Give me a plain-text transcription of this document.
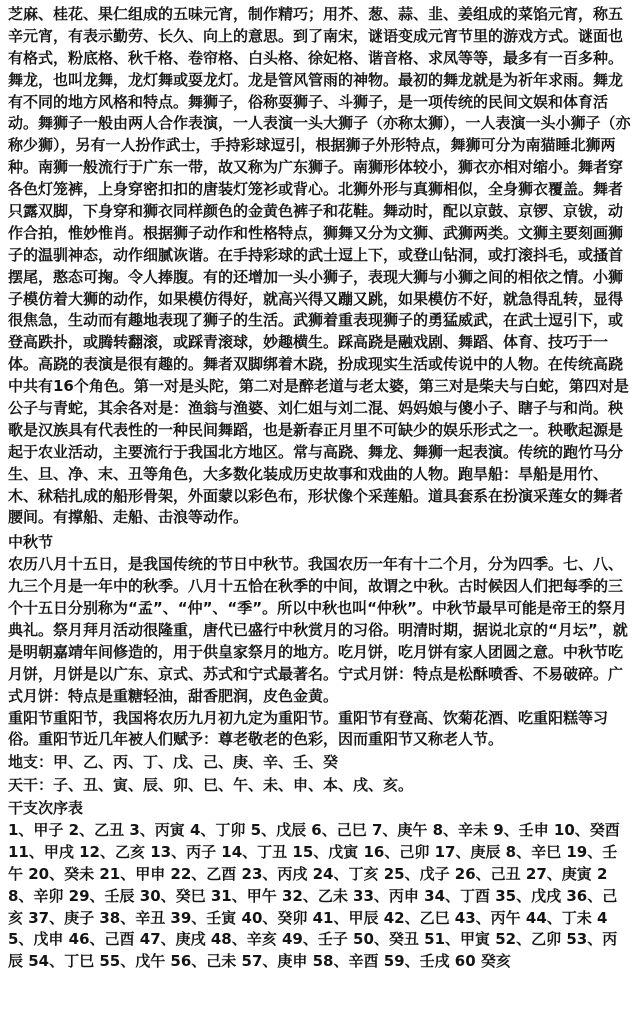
芝麻、桂花、果仁组成的五味元宵，制作精巧；用芥、葱、蒜、韭、姜组成的菜馅元宵，称五辛元宵，有表示勤劳、长久、向上的意思。到了南宋，谜语变成元宵节里的游戏方式。谜面也有格式，粉底格、秋千格、卷帘格、白头格、徐妃格、谐音格、求凤等等，最多有一百多种。舞龙，也叫龙舞，龙灯舞或耍龙灯。龙是管风管雨的神物。最初的舞龙就是为祈年求雨。舞龙有不同的地方风格和特点。舞狮子，俗称耍狮子、斗狮子，是一项传统的民间文娱和体育活动。舞狮子一般由两人合作表演，一人表演一头大狮子（亦称太狮），一人表演一头小狮子（亦称少狮），另有一人扮作武士，手持彩球逗引，根据狮子外形特点，舞狮可分为南猫睡北狮两种。南狮一般流行于广东一带，故又称为广东狮子。南狮形体较小，狮衣亦相对缩小。舞者穿各色灯笼裤，上身穿密扣扣的唐装灯笼衫或背心。北狮外形与真狮相似，全身狮衣覆盖。舞者只露双脚，下身穿和狮衣同样颜色的金黄色裤子和花鞋。舞动时，配以京鼓、京锣、京钹，动作合拍，惟妙惟肖。根据狮子动作和性格特点，狮舞又分为文狮、武狮两类。文狮主要刻画狮子的温驯神态，动作细腻诙谐。在手持彩球的武士逗上下，或登山钻洞，或打滚抖毛，或搔首摆尾，憨态可掬。令人捧腹。有的还增加一头小狮子，表现大狮与小狮之间的相依之情。小狮子模仿着大狮的动作，如果模仿得好，就高兴得又蹦又跳，如果模仿不好，就急得乱转，显得很焦急，生动而有趣地表现了狮子的生活。武狮着重表现狮子的勇猛威武，在武士逗引下，或登高跌扑，或腾转翻滚，或踩青滚球，妙趣横生。踩高跷是融戏剧、舞蹈、体育、技巧于一体。高跷的表演是很有趣的。舞者双脚绑着木跷，扮成现实生活或传说中的人物。在传统高跷中共有16个角色。第一对是头陀，第二对是醉老道与老太婆，第三对是柴夫与白蛇，第四对是公子与青蛇，其余各对是：渔翁与渔婆、刘仁姐与刘二混、妈妈娘与傻小子、瞎子与和尚。秧歌是汉族具有代表性的一种民间舞蹈，也是新春正月里不可缺少的娱乐形式之一。秧歌起源是起于农业活动，主要流行于我国北方地区。常与高跷、舞龙、舞狮一起表演。传统的跑竹马分生、旦、净、末、丑等角色，大多数化装成历史故事和戏曲的人物。跑旱船：旱船是用竹、木、秫秸扎成的船形骨架，外面蒙以彩色布，形状像个采莲船。道具套系在扮演采莲女的舞者腰间。有撑船、走船、击浪等动作。

中秋节

农历八月十五日，是我国传统的节日中秋节。我国农历一年有十二个月，分为四季。七、八、九三个月是一年中的秋季。八月十五恰在秋季的中间，故谓之中秋。古时候因人们把每季的三个十五日分别称为“孟”、“仲”、“季”。所以中秋也叫“仲秋”。中秋节最早可能是帝王的祭月典礼。祭月拜月活动很隆重，唐代已盛行中秋赏月的习俗。明清时期，据说北京的“月坛”，就是明朝嘉靖年间修造的，用于供皇家祭月的地方。吃月饼，吃月饼有家人团圆之意。中秋节吃月饼，月饼是以广东、京式、苏式和宁式最著名。宁式月饼：特点是松酥喷香、不易破碎。广式月饼：特点是重糖轻油，甜香肥润，皮色金黄。

重阳节重阳节，我国将农历九月初九定为重阳节。重阳节有登高、饮菊花酒、吃重阳糕等习俗。重阳节近几年被人们赋予：尊老敬老的色彩，因而重阳节又称老人节。

地支：甲、乙、丙、丁、戊、己、庚、辛、壬、癸

天干：子、丑、寅、辰、卯、巳、午、未、申、本、戌、亥。

干支次序表

1、甲子 2、乙丑 3、丙寅 4、丁卯 5、戊辰 6、己巳 7、庚午 8、辛未 9、壬申 10、癸酉 11、甲戌 12、乙亥 13、丙子 14、丁丑 15、戊寅 16、己卯 17、庚辰 8、辛巳 19、壬午 20、癸未 21、甲申 22、乙酉 23、丙戌 24、丁亥 25、戊子 26、己丑 27、庚寅 28、辛卯 29、壬辰 30、癸巳 31、甲午 32、乙未 33、丙申 34、丁酉 35、戊戌 36、己亥 37、庚子 38、辛丑 39、壬寅 40、癸卯 41、甲辰 42、乙巳 43、丙午 44、丁未 45、戊申 46、己酉 47、庚戌 48、辛亥 49、壬子 50、癸丑 51、甲寅 52、乙卯 53、丙辰 54、丁巳 55、戊午 56、己未 57、庚申 58、辛酉 59、壬戌 60 癸亥
